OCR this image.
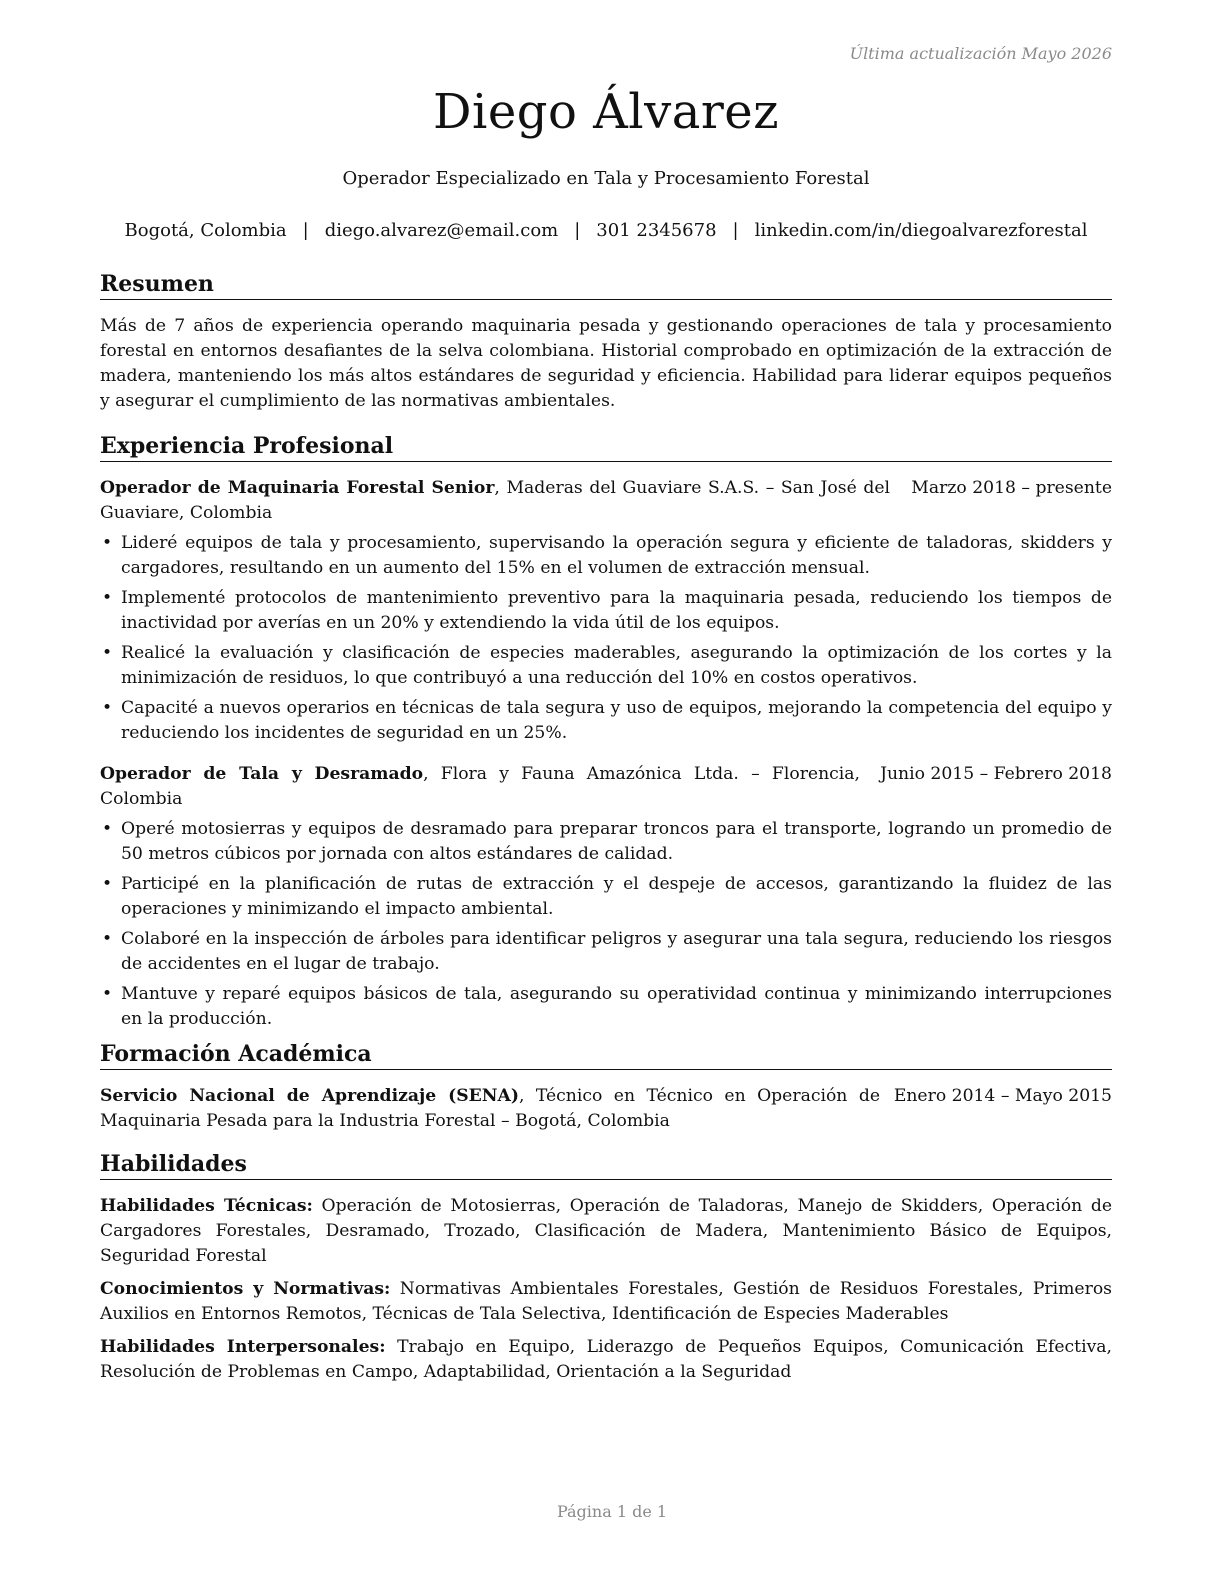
Última actualización Mayo 2026
Diego Álvarez
Operador Especializado en Tala y Procesamiento Forestal
Bogotá, Colombia | diego.alvarez@email.com | 301 2345678 | linkedin.com/in/diegoalvarezforestal
Resumen

Más de 7 años de experiencia operando maquinaria pesada y gestionando operaciones de tala y procesamiento forestal en entornos desafiantes de la selva colombiana. Historial comprobado en optimización de la extracción de madera, manteniendo los más altos estándares de seguridad y eficiencia. Habilidad para liderar equipos pequeños y asegurar el cumplimiento de las normativas ambientales.

Experiencia Profesional
Operador de Maquinaria Forestal Senior, Maderas del Guaviare S.A.S. – San José del Guaviare, Colombia
Marzo 2018 – presente
• Lideré equipos de tala y procesamiento, supervisando la operación segura y eficiente de taladoras, skidders y cargadores, resultando en un aumento del 15% en el volumen de extracción mensual.
• Implementé protocolos de mantenimiento preventivo para la maquinaria pesada, reduciendo los tiempos de inactividad por averías en un 20% y extendiendo la vida útil de los equipos.
• Realicé la evaluación y clasificación de especies maderables, asegurando la optimización de los cortes y la minimización de residuos, lo que contribuyó a una reducción del 10% en costos operativos.
• Capacité a nuevos operarios en técnicas de tala segura y uso de equipos, mejorando la competencia del equipo y reduciendo los incidentes de seguridad en un 25%.
Operador de Tala y Desramado, Flora y Fauna Amazónica Ltda. – Florencia, Colombia
Junio 2015 – Febrero 2018
• Operé motosierras y equipos de desramado para preparar troncos para el transporte, logrando un promedio de 50 metros cúbicos por jornada con altos estándares de calidad.
• Participé en la planificación de rutas de extracción y el despeje de accesos, garantizando la fluidez de las operaciones y minimizando el impacto ambiental.
• Colaboré en la inspección de árboles para identificar peligros y asegurar una tala segura, reduciendo los riesgos de accidentes en el lugar de trabajo.
• Mantuve y reparé equipos básicos de tala, asegurando su operatividad continua y minimizando interrupciones en la producción.
Formación Académica
Servicio Nacional de Aprendizaje (SENA), Técnico en Técnico en Operación de Maquinaria Pesada para la Industria Forestal – Bogotá, Colombia
Enero 2014 – Mayo 2015
Habilidades

Habilidades Técnicas: Operación de Motosierras, Operación de Taladoras, Manejo de Skidders, Operación de Cargadores Forestales, Desramado, Trozado, Clasificación de Madera, Mantenimiento Básico de Equipos, Seguridad Forestal

Conocimientos y Normativas: Normativas Ambientales Forestales, Gestión de Residuos Forestales, Primeros Auxilios en Entornos Remotos, Técnicas de Tala Selectiva, Identificación de Especies Maderables

Habilidades Interpersonales: Trabajo en Equipo, Liderazgo de Pequeños Equipos, Comunicación Efectiva, Resolución de Problemas en Campo, Adaptabilidad, Orientación a la Seguridad

Página 1 de 1
